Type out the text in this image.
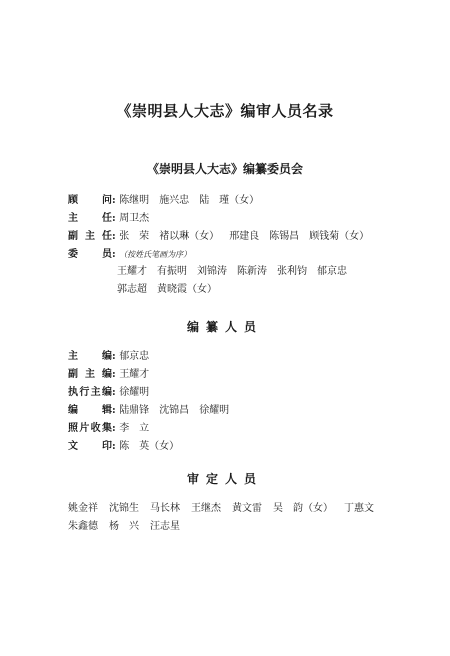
《崇明县人大志》编审人员名录
《崇明县人大志》编纂委员会
顾问: 陈继明 施兴忠 陆　瑾（女）
主任: 周卫杰
副主任: 张　荣 褚以琳（女） 邢建良 陈锡昌 顾钱菊（女）
委员: （按姓氏笔画为序）
王耀才 有振明 刘锦涛 陈新涛 张利钧 郁京忠
郭志超 黄晓霞（女）
编纂人员
主编: 郁京忠
副主编: 王耀才
执行主编: 徐耀明
编辑: 陆鼎锋 沈锦昌 徐耀明
照片收集: 李　立
文印: 陈　英（女）
审定人员
姚金祥 沈锦生 马长林 王继杰 黄文雷 吴　韵（女） 丁惠文
朱鑫德 杨　兴 汪志星
